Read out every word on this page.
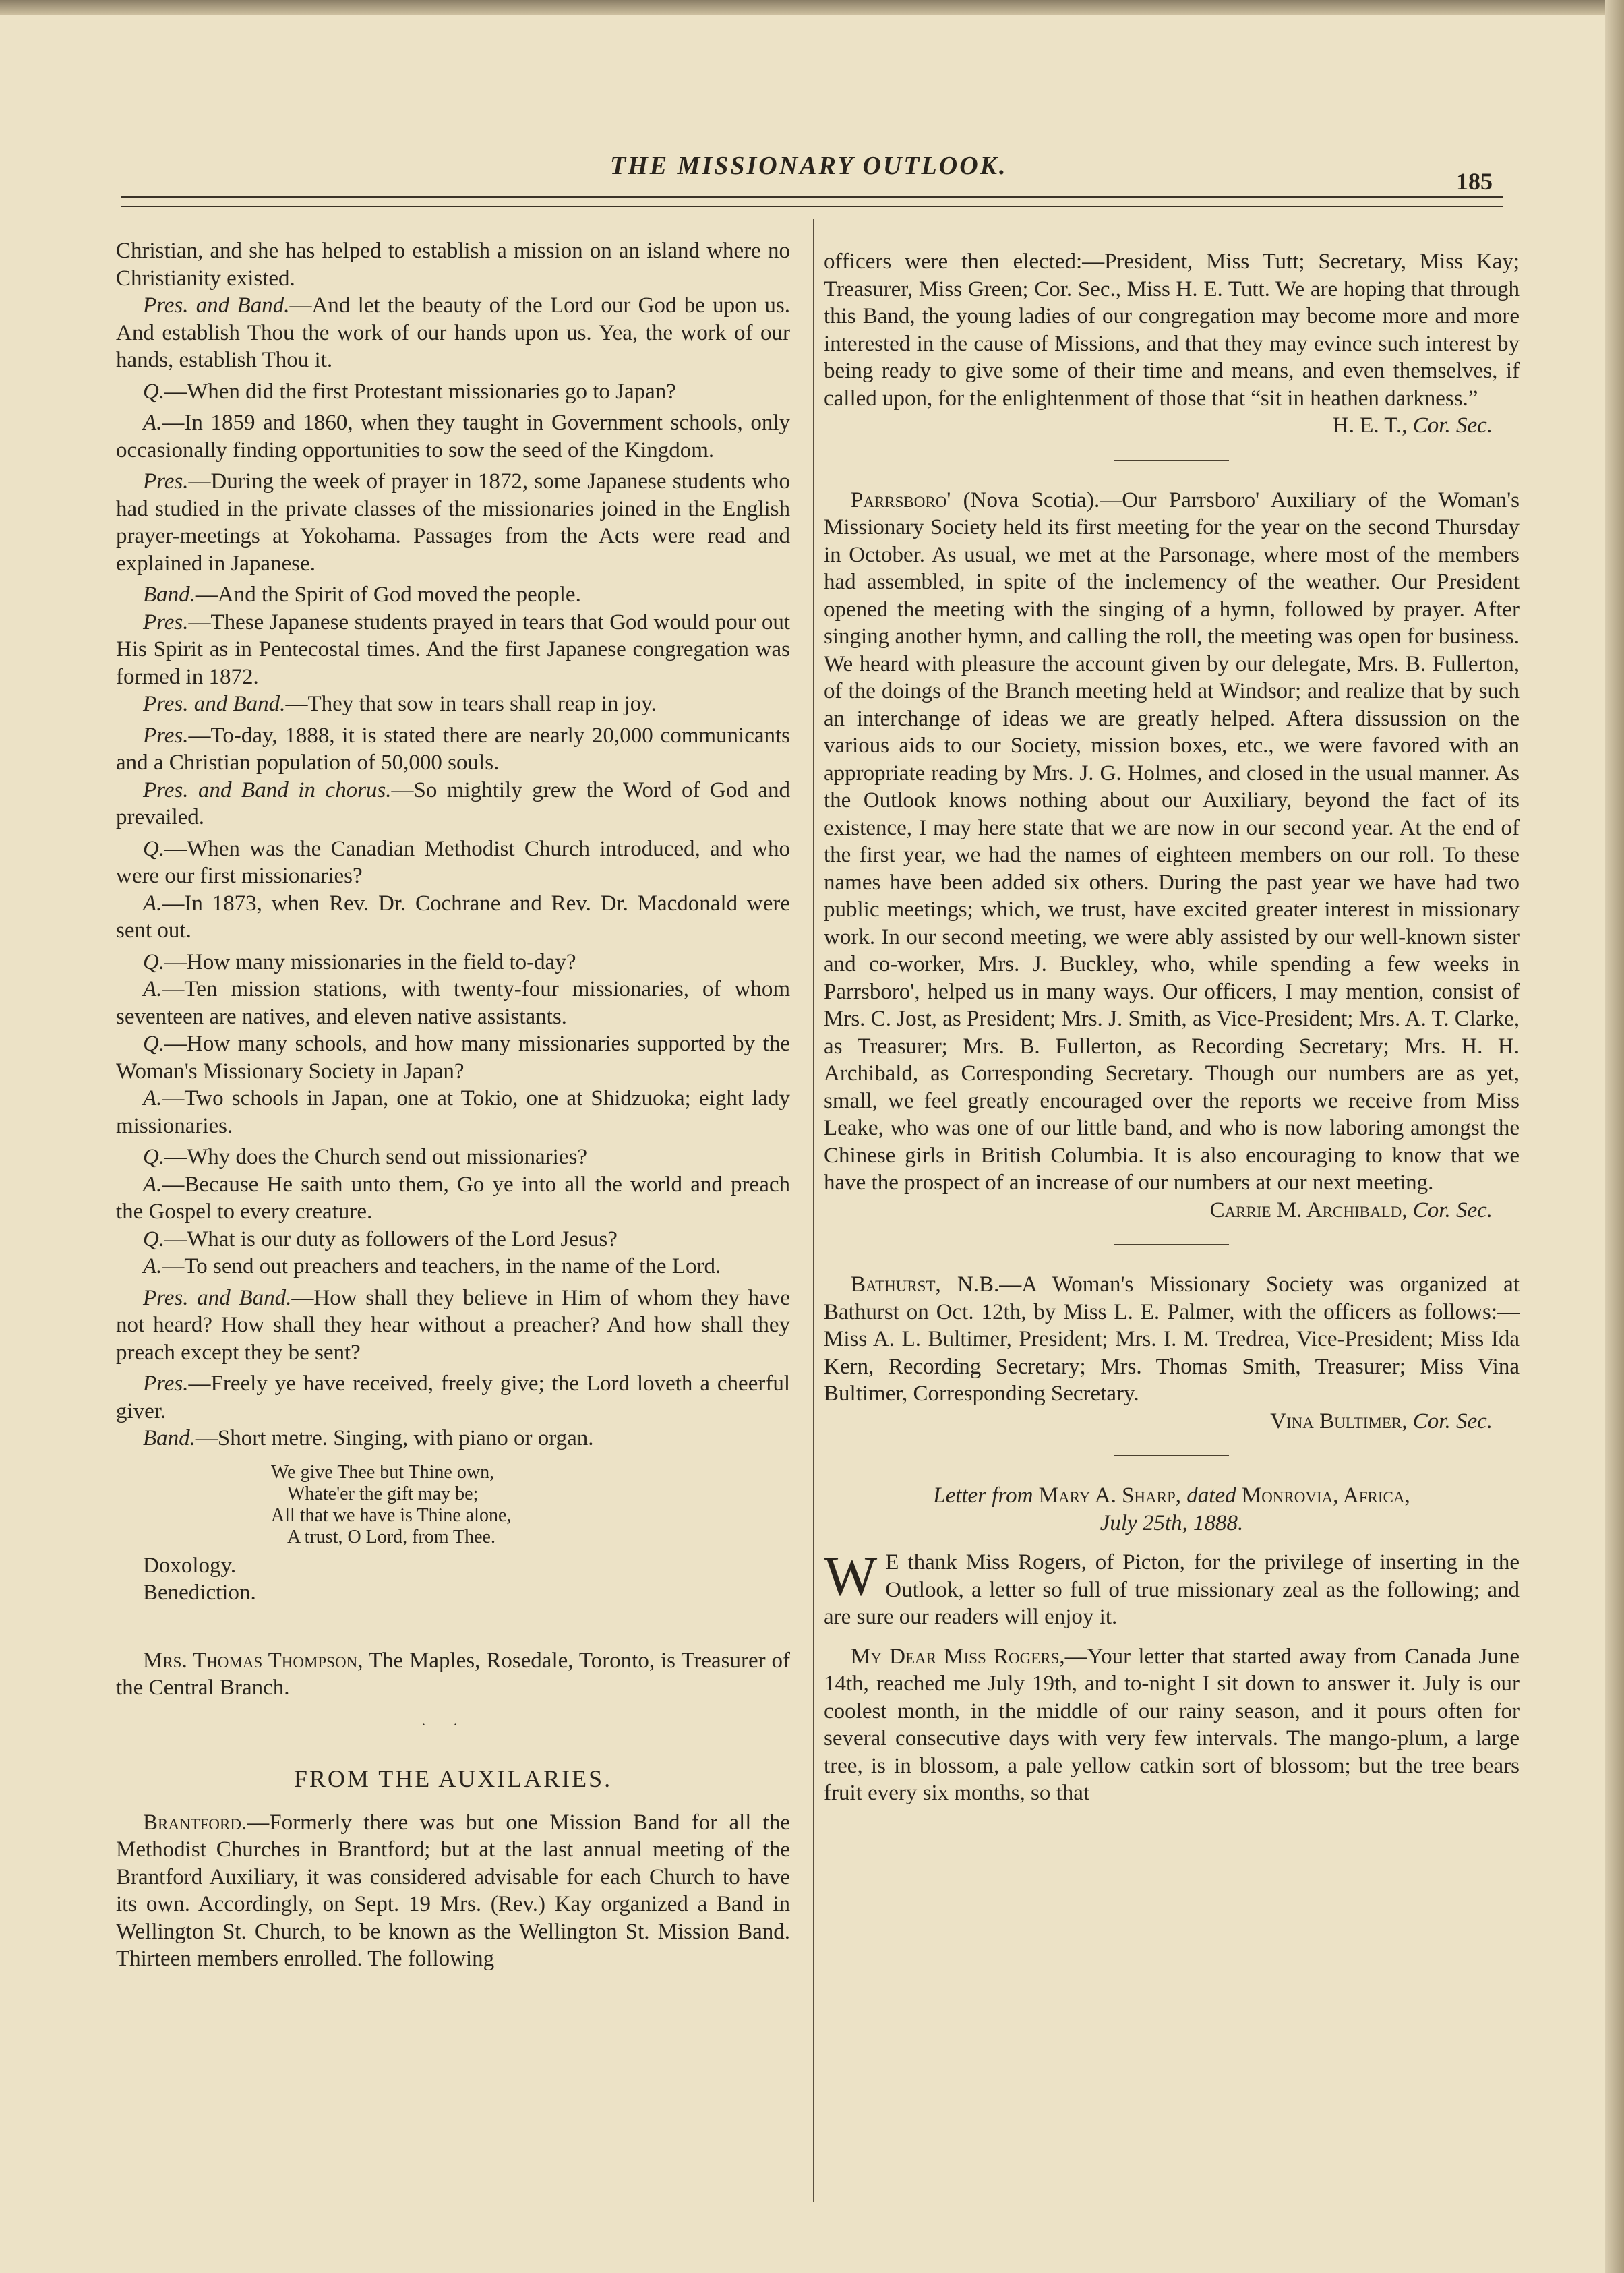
THE MISSIONARY OUTLOOK.
185

Christian, and she has helped to establish a mission on an island where no Christianity existed.

Pres. and Band.—And let the beauty of the Lord our God be upon us. And establish Thou the work of our hands upon us. Yea, the work of our hands, establish Thou it.

Q.—When did the first Protestant missionaries go to Japan?

A.—In 1859 and 1860, when they taught in Government schools, only occasionally finding opportunities to sow the seed of the Kingdom.

Pres.—During the week of prayer in 1872, some Japanese students who had studied in the private classes of the missionaries joined in the English prayer-meetings at Yokohama. Passages from the Acts were read and explained in Japanese.

Band.—And the Spirit of God moved the people.

Pres.—These Japanese students prayed in tears that God would pour out His Spirit as in Pentecostal times. And the first Japanese congregation was formed in 1872.

Pres. and Band.—They that sow in tears shall reap in joy.

Pres.—To-day, 1888, it is stated there are nearly 20,000 communicants and a Christian population of 50,000 souls.

Pres. and Band in chorus.—So mightily grew the Word of God and prevailed.

Q.—When was the Canadian Methodist Church introduced, and who were our first missionaries?

A.—In 1873, when Rev. Dr. Cochrane and Rev. Dr. Macdonald were sent out.

Q.—How many missionaries in the field to-day?

A.—Ten mission stations, with twenty-four missionaries, of whom seventeen are natives, and eleven native assistants.

Q.—How many schools, and how many missionaries supported by the Woman's Missionary Society in Japan?

A.—Two schools in Japan, one at Tokio, one at Shidzuoka; eight lady missionaries.

Q.—Why does the Church send out missionaries?

A.—Because He saith unto them, Go ye into all the world and preach the Gospel to every creature.

Q.—What is our duty as followers of the Lord Jesus?

A.—To send out preachers and teachers, in the name of the Lord.

Pres. and Band.—How shall they believe in Him of whom they have not heard? How shall they hear without a preacher? And how shall they preach except they be sent?

Pres.—Freely ye have received, freely give; the Lord loveth a cheerful giver.

Band.—Short metre. Singing, with piano or organ.

We give Thee but Thine own,
Whate'er the gift may be;
All that we have is Thine alone,
A trust, O Lord, from Thee.

Doxology.

Benediction.

Mrs. Thomas Thompson, The Maples, Rosedale, Toronto, is Treasurer of the Central Branch.

··

FROM THE AUXILARIES.

Brantford.—Formerly there was but one Mission Band for all the Methodist Churches in Brantford; but at the last annual meeting of the Brantford Auxiliary, it was considered advisable for each Church to have its own. Accordingly, on Sept. 19 Mrs. (Rev.) Kay organized a Band in Wellington St. Church, to be known as the Wellington St. Mission Band. Thirteen members enrolled. The following

officers were then elected:—President, Miss Tutt; Secretary, Miss Kay; Treasurer, Miss Green; Cor. Sec., Miss H. E. Tutt. We are hoping that through this Band, the young ladies of our congregation may become more and more interested in the cause of Missions, and that they may evince such interest by being ready to give some of their time and means, and even themselves, if called upon, for the enlightenment of those that “sit in heathen darkness.”

H. E. T., Cor. Sec.

Parrsboro' (Nova Scotia).—Our Parrsboro' Auxiliary of the Woman's Missionary Society held its first meeting for the year on the second Thursday in October. As usual, we met at the Parsonage, where most of the members had assembled, in spite of the inclemency of the weather. Our President opened the meeting with the singing of a hymn, followed by prayer. After singing another hymn, and calling the roll, the meeting was open for business. We heard with pleasure the account given by our delegate, Mrs. B. Fullerton, of the doings of the Branch meeting held at Windsor; and realize that by such an interchange of ideas we are greatly helped. Aftera dissussion on the various aids to our Society, mission boxes, etc., we were favored with an appropriate reading by Mrs. J. G. Holmes, and closed in the usual manner. As the Outlook knows nothing about our Auxiliary, beyond the fact of its existence, I may here state that we are now in our second year. At the end of the first year, we had the names of eighteen members on our roll. To these names have been added six others. During the past year we have had two public meetings; which, we trust, have excited greater interest in missionary work. In our second meeting, we were ably assisted by our well-known sister and co-worker, Mrs. J. Buckley, who, while spending a few weeks in Parrsboro', helped us in many ways. Our officers, I may mention, consist of Mrs. C. Jost, as President; Mrs. J. Smith, as Vice-President; Mrs. A. T. Clarke, as Treasurer; Mrs. B. Fullerton, as Recording Secretary; Mrs. H. H. Archibald, as Corresponding Secretary. Though our numbers are as yet, small, we feel greatly encouraged over the reports we receive from Miss Leake, who was one of our little band, and who is now laboring amongst the Chinese girls in British Columbia. It is also encouraging to know that we have the prospect of an increase of our numbers at our next meeting.

Carrie M. Archibald, Cor. Sec.

Bathurst, N.B.—A Woman's Missionary Society was organized at Bathurst on Oct. 12th, by Miss L. E. Palmer, with the officers as follows:—Miss A. L. Bultimer, President; Mrs. I. M. Tredrea, Vice-President; Miss Ida Kern, Recording Secretary; Mrs. Thomas Smith, Treasurer; Miss Vina Bultimer, Corresponding Secretary.

Vina Bultimer, Cor. Sec.

Letter from Mary A. Sharp, dated Monrovia, Africa,

July 25th, 1888.

W E thank Miss Rogers, of Picton, for the privilege of inserting in the Outlook, a letter so full of true missionary zeal as the following; and are sure our readers will enjoy it.

My Dear Miss Rogers,—Your letter that started away from Canada June 14th, reached me July 19th, and to-night I sit down to answer it. July is our coolest month, in the middle of our rainy season, and it pours often for several consecutive days with very few intervals. The mango-plum, a large tree, is in blossom, a pale yellow catkin sort of blossom; but the tree bears fruit every six months, so that
